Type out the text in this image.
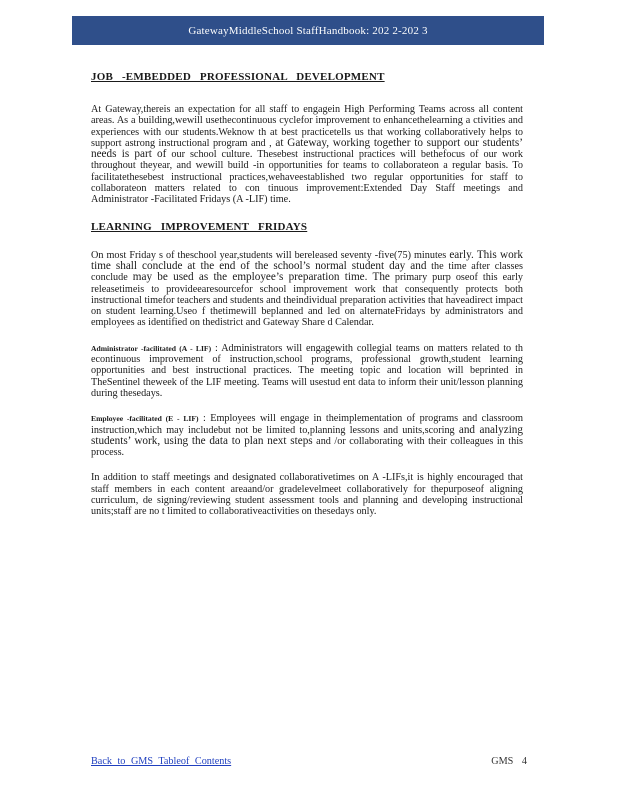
GatewayMiddleSchool StaffHandbook: 202 2-202 3

JOB -EMBEDDED PROFESSIONAL DEVELOPMENT

At Gateway,thereis an expectation for all staff to engagein High Performing Teams across all content areas. As a building,wewill usethecontinuous cyclefor improvement to enhancethelearning a ctivities and experiences with our students.Weknow th at best practicetells us that working collaboratively helps to support astrong instructional program and , at Gateway, working together to support our students’ needs is part of our school culture. Thesebest instructional practices will bethefocus of our work throughout theyear, and wewill build -in opportunities for teams to collaborateon a regular basis. To facilitatethesebest instructional practices,wehaveestablished two regular opportunities for staff to collaborateon matters related to con tinuous improvement:Extended Day Staff meetings and Administrator -Facilitated Fridays (A -LIF) time.

LEARNING IMPROVEMENT FRIDAYS

On most Friday s of theschool year,students will bereleased seventy -five(75) minutes early. This work time shall conclude at the end of the school’s normal student day and the time after classes conclude may be used as the employee’s preparation time. The primary purp oseof this early releasetimeis to provideearesourcefor school improvement work that consequently protects both instructional timefor teachers and students and theindividual preparation activities that haveadirect impact on student learning.Useo f thetimewill beplanned and led on alternateFridays by administrators and employees as identified on thedistrict and Gateway Share d Calendar.

Administrator -facilitated (A - LIF) : Administrators will engagewith collegial teams on matters related to th econtinuous improvement of instruction,school programs, professional growth,student learning opportunities and best instructional practices. The meeting topic and location will beprinted in TheSentinel theweek of the LIF meeting. Teams will usestud ent data to inform their unit/lesson planning during thesedays.

Employee -facilitated (E - LIF) : Employees will engage in theimplementation of programs and classroom instruction,which may includebut not be limited to,planning lessons and units,scoring and analyzing students’ work, using the data to plan next steps and /or collaborating with their colleagues in this process.

In addition to staff meetings and designated collaborativetimes on A -LIFs,it is highly encouraged that staff members in each content areaand/or gradelevelmeet collaboratively for thepurposeof aligning curriculum, de signing/reviewing student assessment tools and planning and developing instructional units;staff are no t limited to collaborativeactivities on thesedays only.

Back to GMS Tableof Contents	GMS 4
